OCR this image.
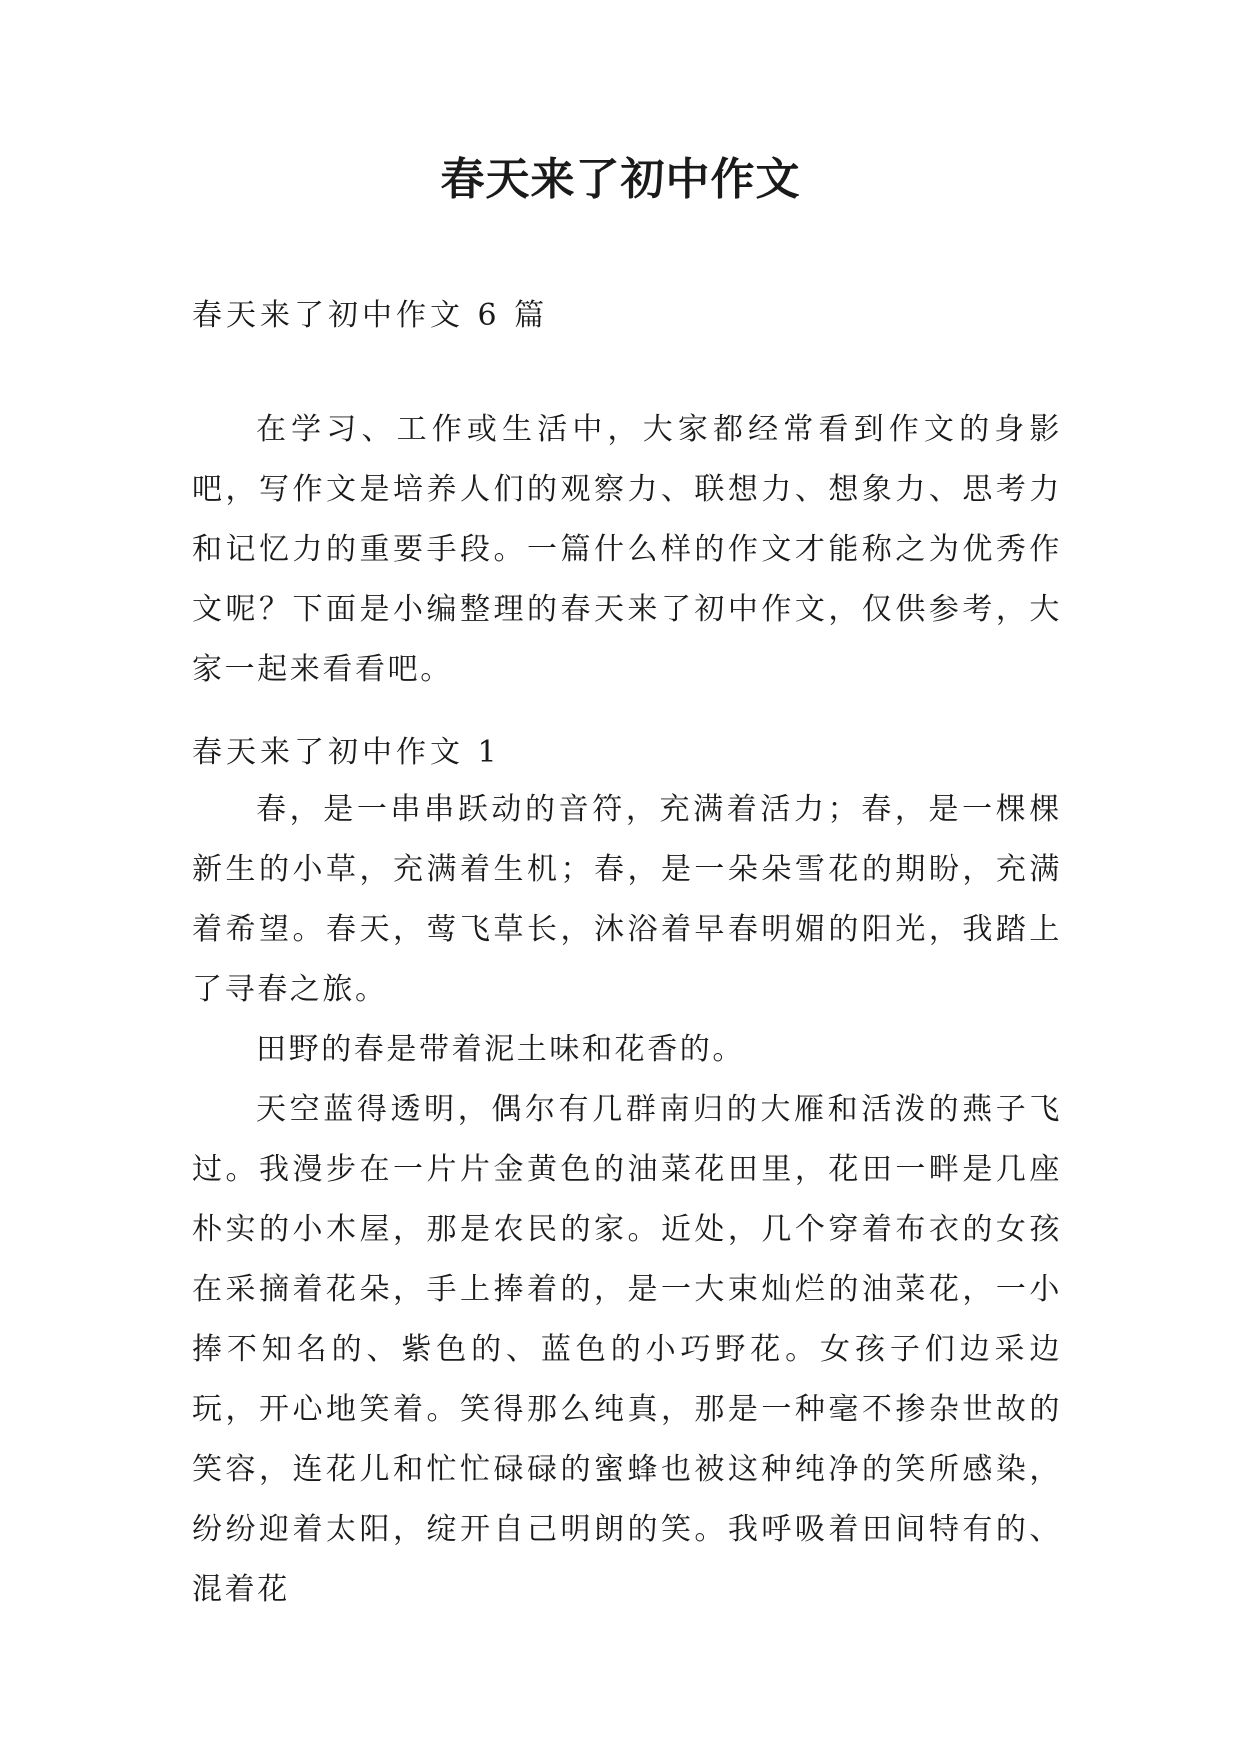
春天来了初中作文
春天来了初中作文 6 篇

在学习、工作或生活中，大家都经常看到作文的身影吧，写作文是培养人们的观察力、联想力、想象力、思考力和记忆力的重要手段。一篇什么样的作文才能称之为优秀作文呢？下面是小编整理的春天来了初中作文，仅供参考，大家一起来看看吧。

春天来了初中作文 1

春，是一串串跃动的音符，充满着活力；春，是一棵棵新生的小草，充满着生机；春，是一朵朵雪花的期盼，充满着希望。春天，莺飞草长，沐浴着早春明媚的阳光，我踏上了寻春之旅。

田野的春是带着泥土味和花香的。

天空蓝得透明，偶尔有几群南归的大雁和活泼的燕子飞过。我漫步在一片片金黄色的油菜花田里，花田一畔是几座朴实的小木屋，那是农民的家。近处，几个穿着布衣的女孩在采摘着花朵，手上捧着的，是一大束灿烂的油菜花，一小捧不知名的、紫色的、蓝色的小巧野花。女孩子们边采边玩，开心地笑着。笑得那么纯真，那是一种毫不掺杂世故的笑容，连花儿和忙忙碌碌的蜜蜂也被这种纯净的笑所感染，纷纷迎着太阳，绽开自己明朗的笑。我呼吸着田间特有的、混着花
